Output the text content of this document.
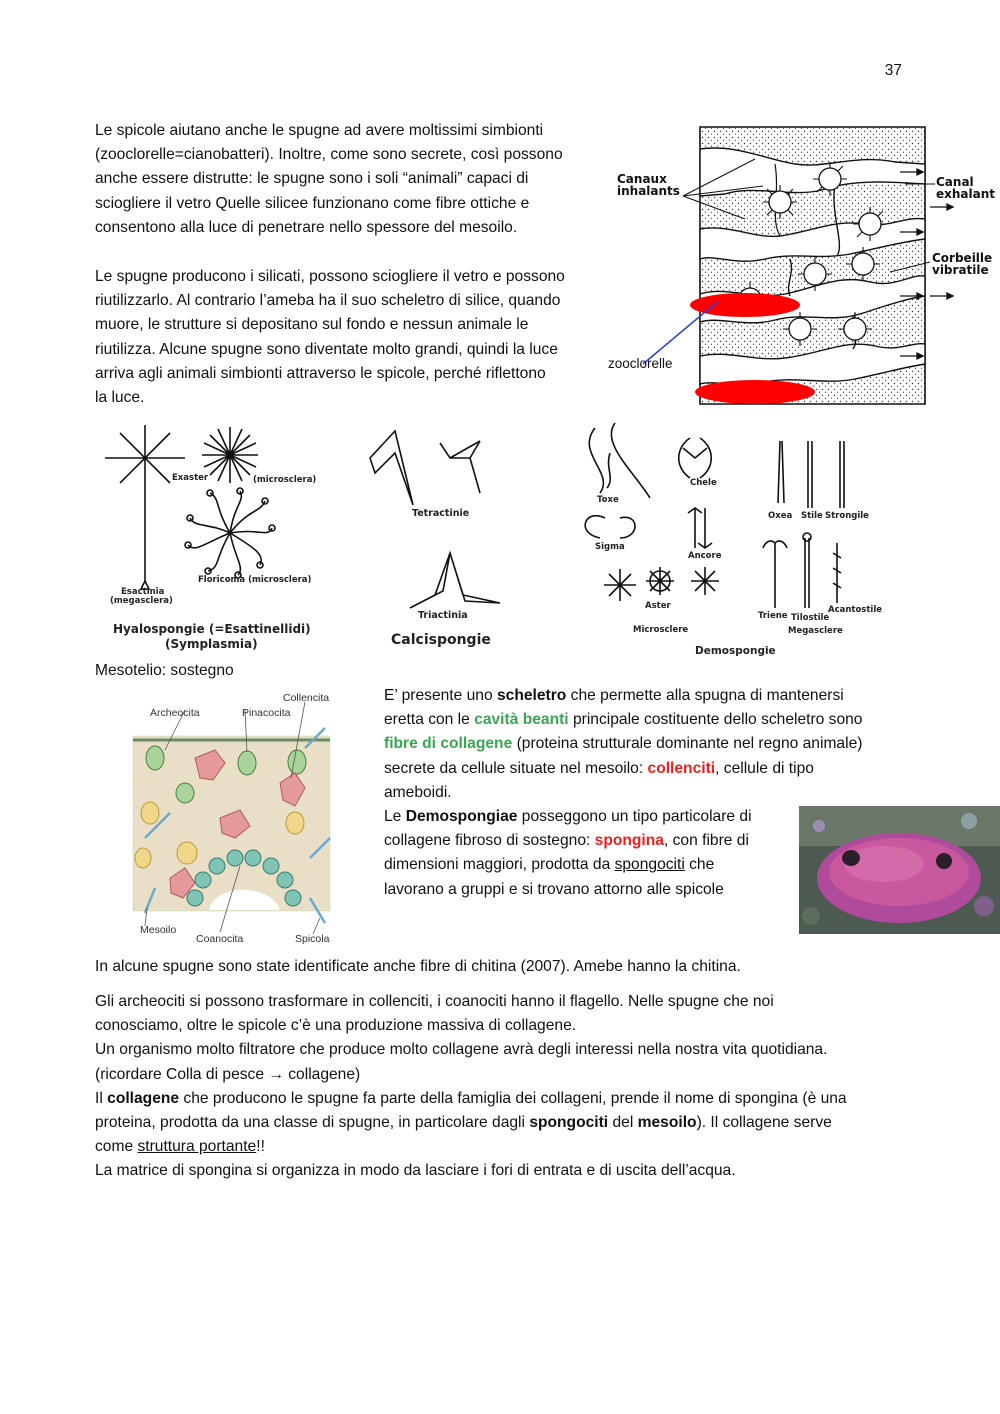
37
Le spicole aiutano anche le spugne ad avere moltissimi simbionti
(zooclorelle=cianobatteri). Inoltre, come sono secrete, così possono
anche essere distrutte: le spugne sono i soli “animali” capaci di
sciogliere il vetro Quelle silicee funzionano come fibre ottiche e
consentono alla luce di penetrare nello spessore del mesoilo.
Le spugne producono i silicati, possono sciogliere il vetro e possono
riutilizzarlo. Al contrario l’ameba ha il suo scheletro di silice, quando
muore, le strutture si depositano sul fondo e nessun animale le
riutilizza. Alcune spugne sono diventate molto grandi, quindi la luce
arriva agli animali simbionti attraverso le spicole, perché riflettono
la luce.
Canaux
inhalants
Canal
exhalant
Corbeille
vibratile
zooclorelle
Exaster	(microsclera)
Floricoma (microsclera)
Esactinia
(megasclera)
Hyalospongie (=Esattinellidi)
(Symplasmia)
Tetractinie
Triactinia
Calcispongie
Toxe
Chele
Sigma
Ancore
Aster
Microsclere
Oxea Stile Strongile
Triene Tilostile
Acantostile
Megasclere
Demospongie
Mesotelio: sostegno
Collencita
Archeocita	Pinacocita
Mesoilo
Coanocita	Spicola
E’ presente uno scheletro che permette alla spugna di mantenersi
eretta con le cavità beanti principale costituente dello scheletro sono
fibre di collagene (proteina strutturale dominante nel regno animale)
secrete da cellule situate nel mesoilo: collenciti, cellule di tipo
ameboidi.
Le Demospongiae posseggono un tipo particolare di
collagene fibroso di sostegno: spongina, con fibre di
dimensioni maggiori, prodotta da spongociti che
lavorano a gruppi e si trovano attorno alle spicole
In alcune spugne sono state identificate anche fibre di chitina (2007). Amebe hanno la chitina.
Gli archeociti si possono trasformare in collenciti, i coanociti hanno il flagello. Nelle spugne che noi
conosciamo, oltre le spicole c’è una produzione massiva di collagene.
Un organismo molto filtratore che produce molto collagene avrà degli interessi nella nostra vita quotidiana.
(ricordare Colla di pesce → collagene)
Il collagene che producono le spugne fa parte della famiglia dei collageni, prende il nome di spongina (è una
proteina, prodotta da una classe di spugne, in particolare dagli spongociti del mesoilo). Il collagene serve
come struttura portante!!
La matrice di spongina si organizza in modo da lasciare i fori di entrata e di uscita dell’acqua.
